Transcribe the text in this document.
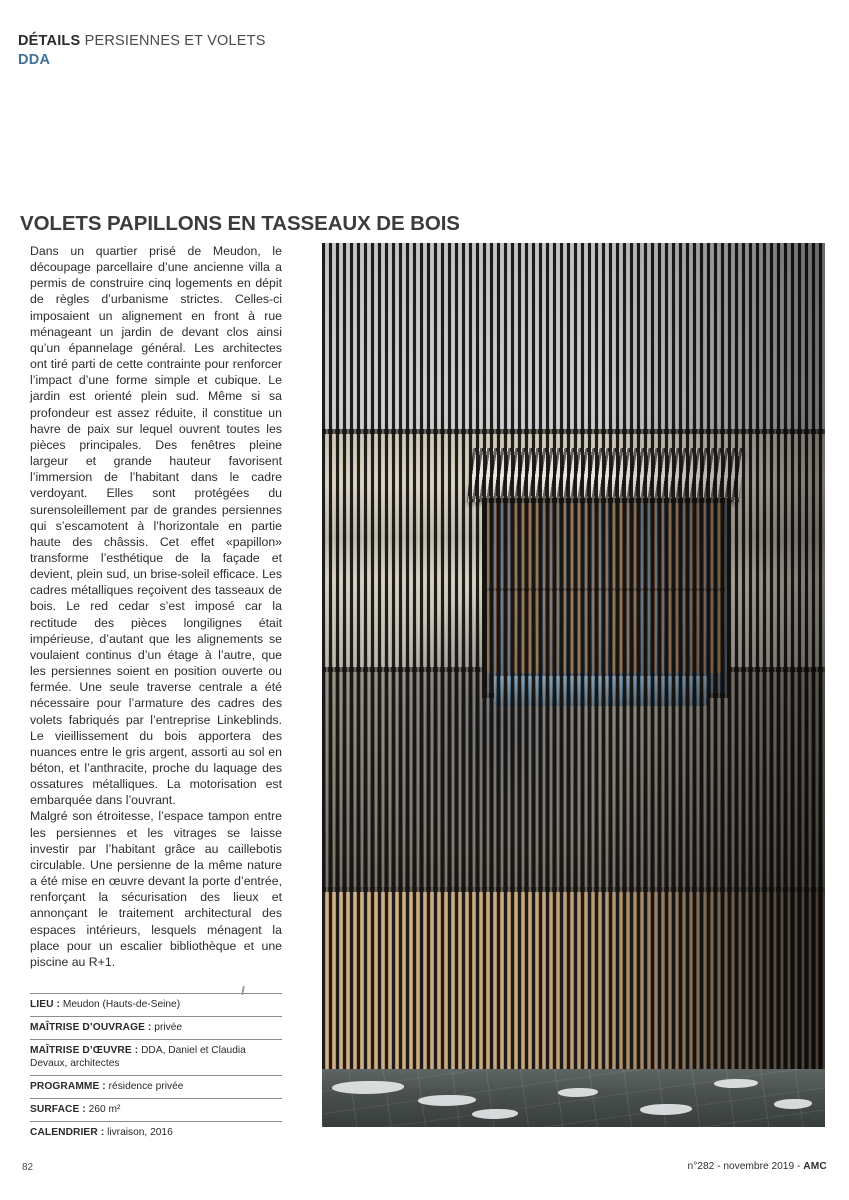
DÉTAILS PERSIENNES ET VOLETS
DDA
VOLETS PAPILLONS EN TASSEAUX DE BOIS

Dans un quartier prisé de Meudon, le découpage parcellaire d’une ancienne villa a permis de construire cinq logements en dépit de règles d’urbanisme strictes. Celles-ci imposaient un alignement en front à rue ménageant un jardin de devant clos ainsi qu’un épannelage général. Les architectes ont tiré parti de cette contrainte pour renforcer l’impact d’une forme simple et cubique. Le jardin est orienté plein sud. Même si sa profondeur est assez réduite, il constitue un havre de paix sur lequel ouvrent toutes les pièces principales. Des fenêtres pleine largeur et grande hauteur favorisent l’immersion de l’habitant dans le cadre verdoyant. Elles sont protégées du surensoleillement par de grandes persiennes qui s’escamotent à l’horizontale en partie haute des châssis. Cet effet «papillon» transforme l’esthétique de la façade et devient, plein sud, un brise-soleil efficace. Les cadres métalliques reçoivent des tasseaux de bois. Le red cedar s’est imposé car la rectitude des pièces longilignes était impérieuse, d’autant que les alignements se voulaient continus d’un étage à l’autre, que les persiennes soient en position ouverte ou fermée. Une seule traverse centrale a été nécessaire pour l’armature des cadres des volets fabriqués par l’entreprise Linkeblinds. Le vieillissement du bois apportera des nuances entre le gris argent, assorti au sol en béton, et l’anthracite, proche du laquage des ossatures métalliques. La motorisation est embarquée dans l’ouvrant.

Malgré son étroitesse, l’espace tampon entre les persiennes et les vitrages se laisse investir par l’habitant grâce au caillebotis circulable. Une persienne de la même nature a été mise en œuvre devant la porte d’entrée, renforçant la sécurisation des lieux et annonçant le traitement architectural des espaces intérieurs, lesquels ménagent la place pour un escalier bibliothèque et une piscine au R+1.

LIEU : Meudon (Hauts-de-Seine)
MAÎTRISE D’OUVRAGE : privée
MAÎTRISE D’ŒUVRE : DDA, Daniel et Claudia Devaux, architectes
PROGRAMME : résidence privée
SURFACE : 260 m²
CALENDRIER : livraison, 2016
82	n°282 - novembre 2019 - AMC
